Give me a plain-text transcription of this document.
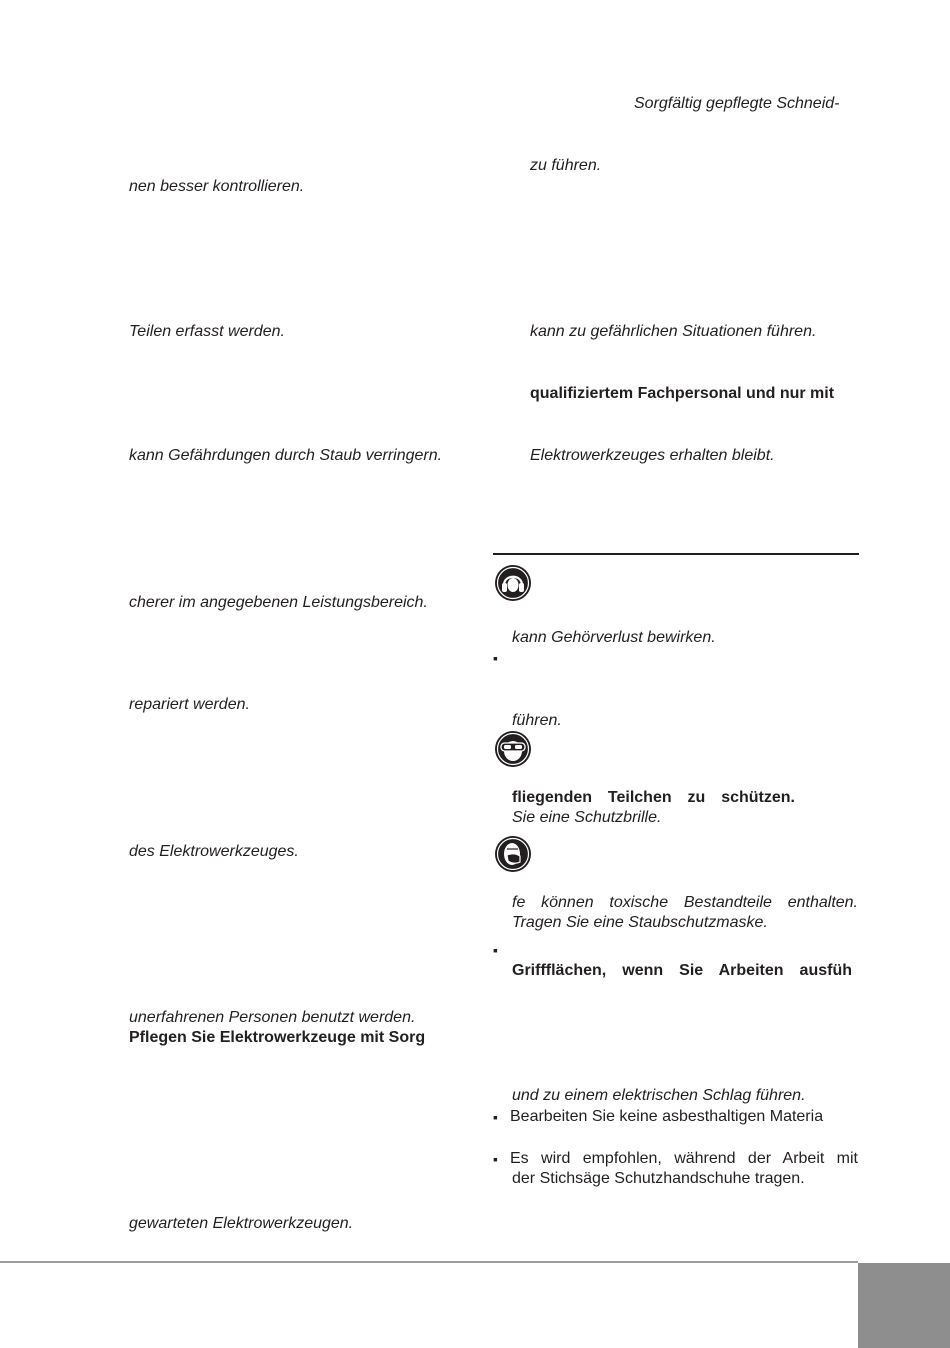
nen besser kontrollieren.

Teilen erfasst werden.

kann Gefährdungen durch Staub verringern.

cherer im angegebenen Leistungsbereich.

repariert werden.

des Elektrowerkzeuges.

unerfahrenen Personen benutzt werden.

Pflegen Sie Elektrowerkzeuge mit Sorg

gewarteten Elektrowerkzeugen.

Sorgfältig gepflegte Schneid-

zu führen.

kann zu gefährlichen Situationen führen.

qualifiziertem Fachpersonal und nur mit

Elektrowerkzeuges erhalten bleibt.

kann Gehörverlust bewirken.

▪

führen.

fliegenden Teilchen zu schützen.

Sie eine Schutzbrille.

fe können toxische Bestandteile enthalten.

Tragen Sie eine Staubschutzmaske.

▪

Griffflächen, wenn Sie Arbeiten ausfüh

und zu einem elektrischen Schlag führen.

▪ Bearbeiten Sie keine asbesthaltigen Materia

▪ Es wird empfohlen, während der Arbeit mit

der Stichsäge Schutzhandschuhe tragen.
